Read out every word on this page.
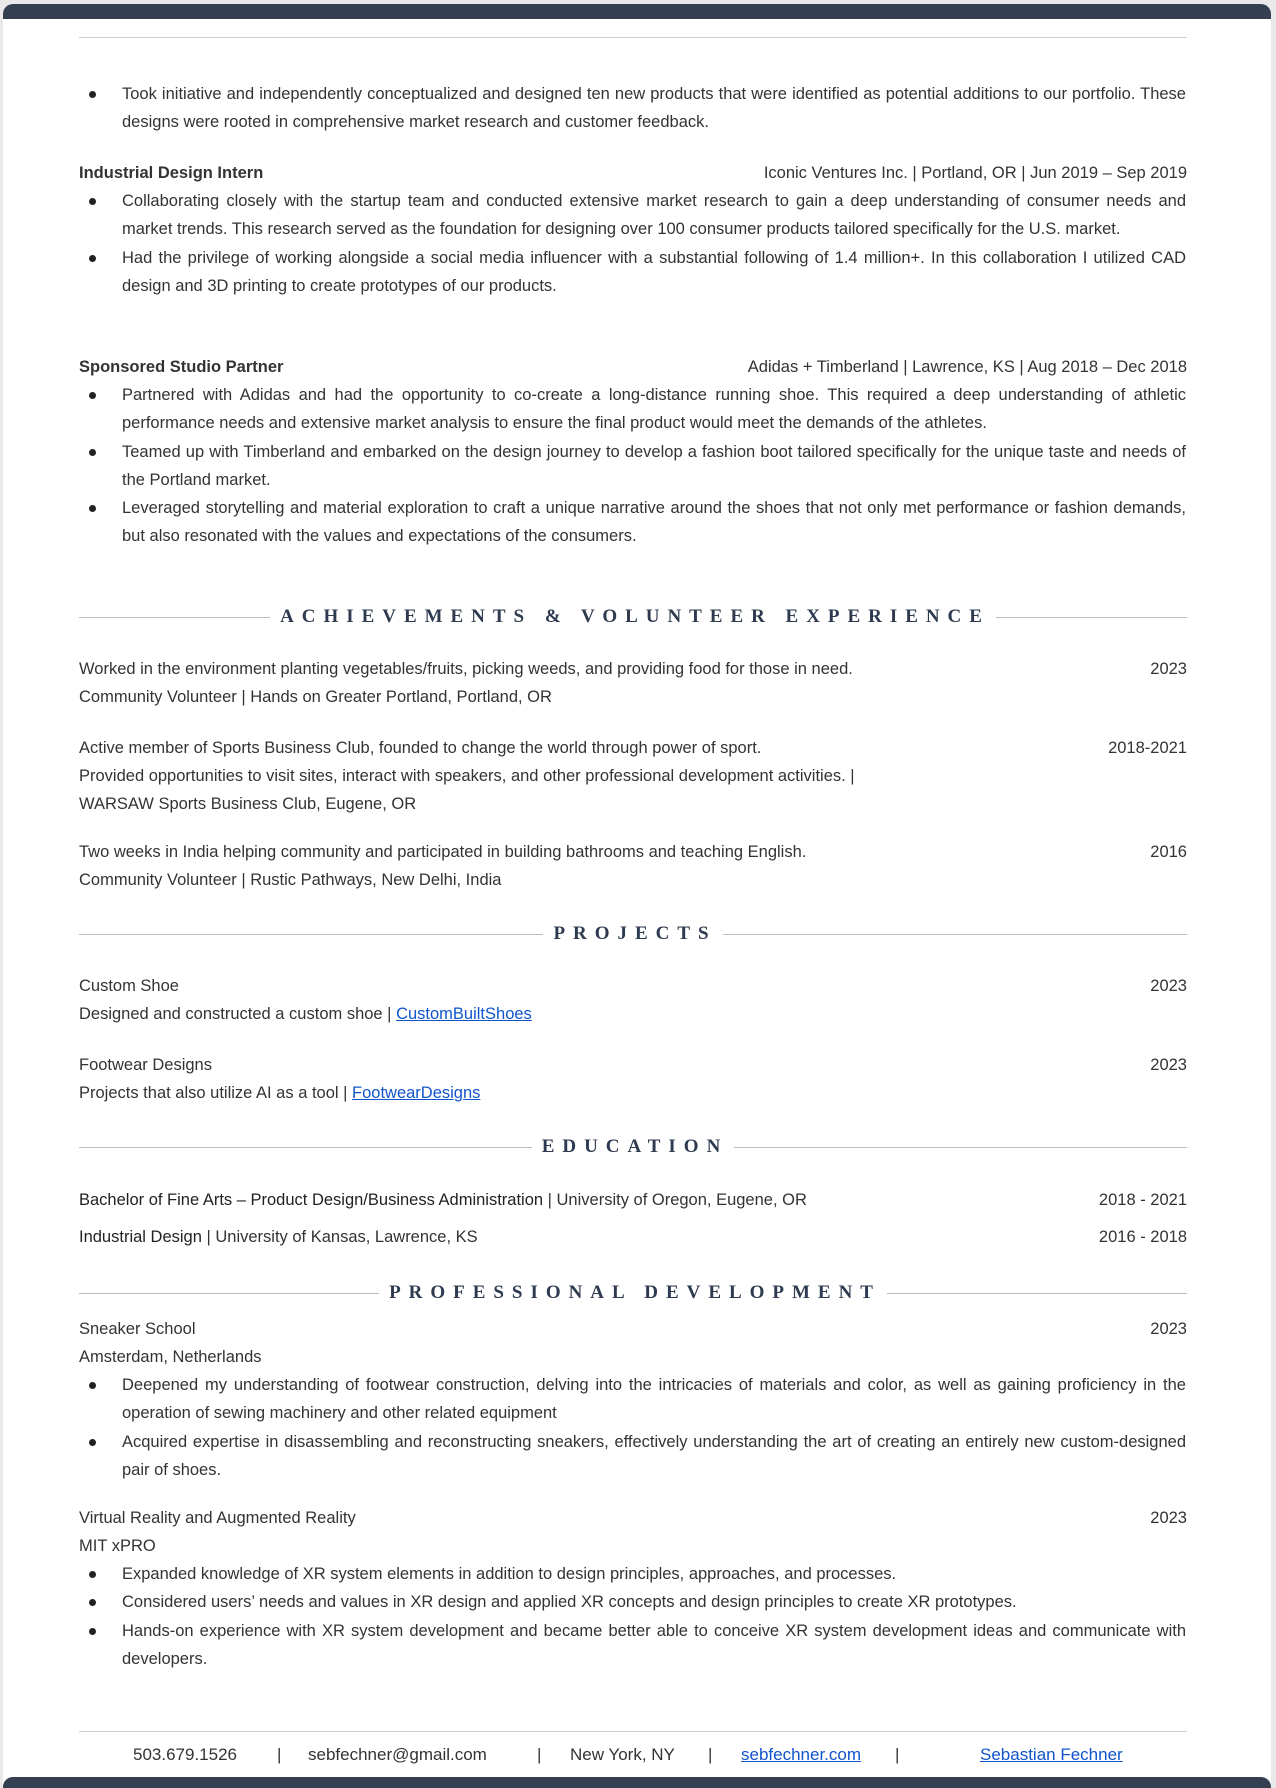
Took initiative and independently conceptualized and designed ten new products that were identified as potential additions to our portfolio. These designs were rooted in comprehensive market research and customer feedback.
Industrial Design Intern	Iconic Ventures Inc. | Portland, OR | Jun 2019 – Sep 2019
Collaborating closely with the startup team and conducted extensive market research to gain a deep understanding of consumer needs and market trends. This research served as the foundation for designing over 100 consumer products tailored specifically for the U.S. market.
Had the privilege of working alongside a social media influencer with a substantial following of 1.4 million+. In this collaboration I utilized CAD design and 3D printing to create prototypes of our products.
Sponsored Studio Partner	Adidas + Timberland | Lawrence, KS | Aug 2018 – Dec 2018
Partnered with Adidas and had the opportunity to co-create a long-distance running shoe. This required a deep understanding of athletic performance needs and extensive market analysis to ensure the final product would meet the demands of the athletes.
Teamed up with Timberland and embarked on the design journey to develop a fashion boot tailored specifically for the unique taste and needs of the Portland market.
Leveraged storytelling and material exploration to craft a unique narrative around the shoes that not only met performance or fashion demands, but also resonated with the values and expectations of the consumers.
ACHIEVEMENTS & VOLUNTEER EXPERIENCE
Worked in the environment planting vegetables/fruits, picking weeds, and providing food for those in need.	2023
Community Volunteer | Hands on Greater Portland, Portland, OR
Active member of Sports Business Club, founded to change the world through power of sport.	2018-2021
Provided opportunities to visit sites, interact with speakers, and other professional development activities. |
WARSAW Sports Business Club, Eugene, OR
Two weeks in India helping community and participated in building bathrooms and teaching English.	2016
Community Volunteer | Rustic Pathways, New Delhi, India
PROJECTS
Custom Shoe	2023
Designed and constructed a custom shoe | CustomBuiltShoes
Footwear Designs	2023
Projects that also utilize AI as a tool | FootwearDesigns
EDUCATION
Bachelor of Fine Arts – Product Design/Business Administration | University of Oregon, Eugene, OR	2018 - 2021
Industrial Design | University of Kansas, Lawrence, KS	2016 - 2018
PROFESSIONAL DEVELOPMENT
Sneaker School	2023
Amsterdam, Netherlands
Deepened my understanding of footwear construction, delving into the intricacies of materials and color, as well as gaining proficiency in the operation of sewing machinery and other related equipment
Acquired expertise in disassembling and reconstructing sneakers, effectively understanding the art of creating an entirely new custom-designed pair of shoes.
Virtual Reality and Augmented Reality	2023
MIT xPRO
Expanded knowledge of XR system elements in addition to design principles, approaches, and processes.
Considered users’ needs and values in XR design and applied XR concepts and design principles to create XR prototypes.
Hands-on experience with XR system development and became better able to conceive XR system development ideas and communicate with developers.
503.679.1526 | sebfechner@gmail.com	| New York, NY | sebfechner.com |	Sebastian Fechner
